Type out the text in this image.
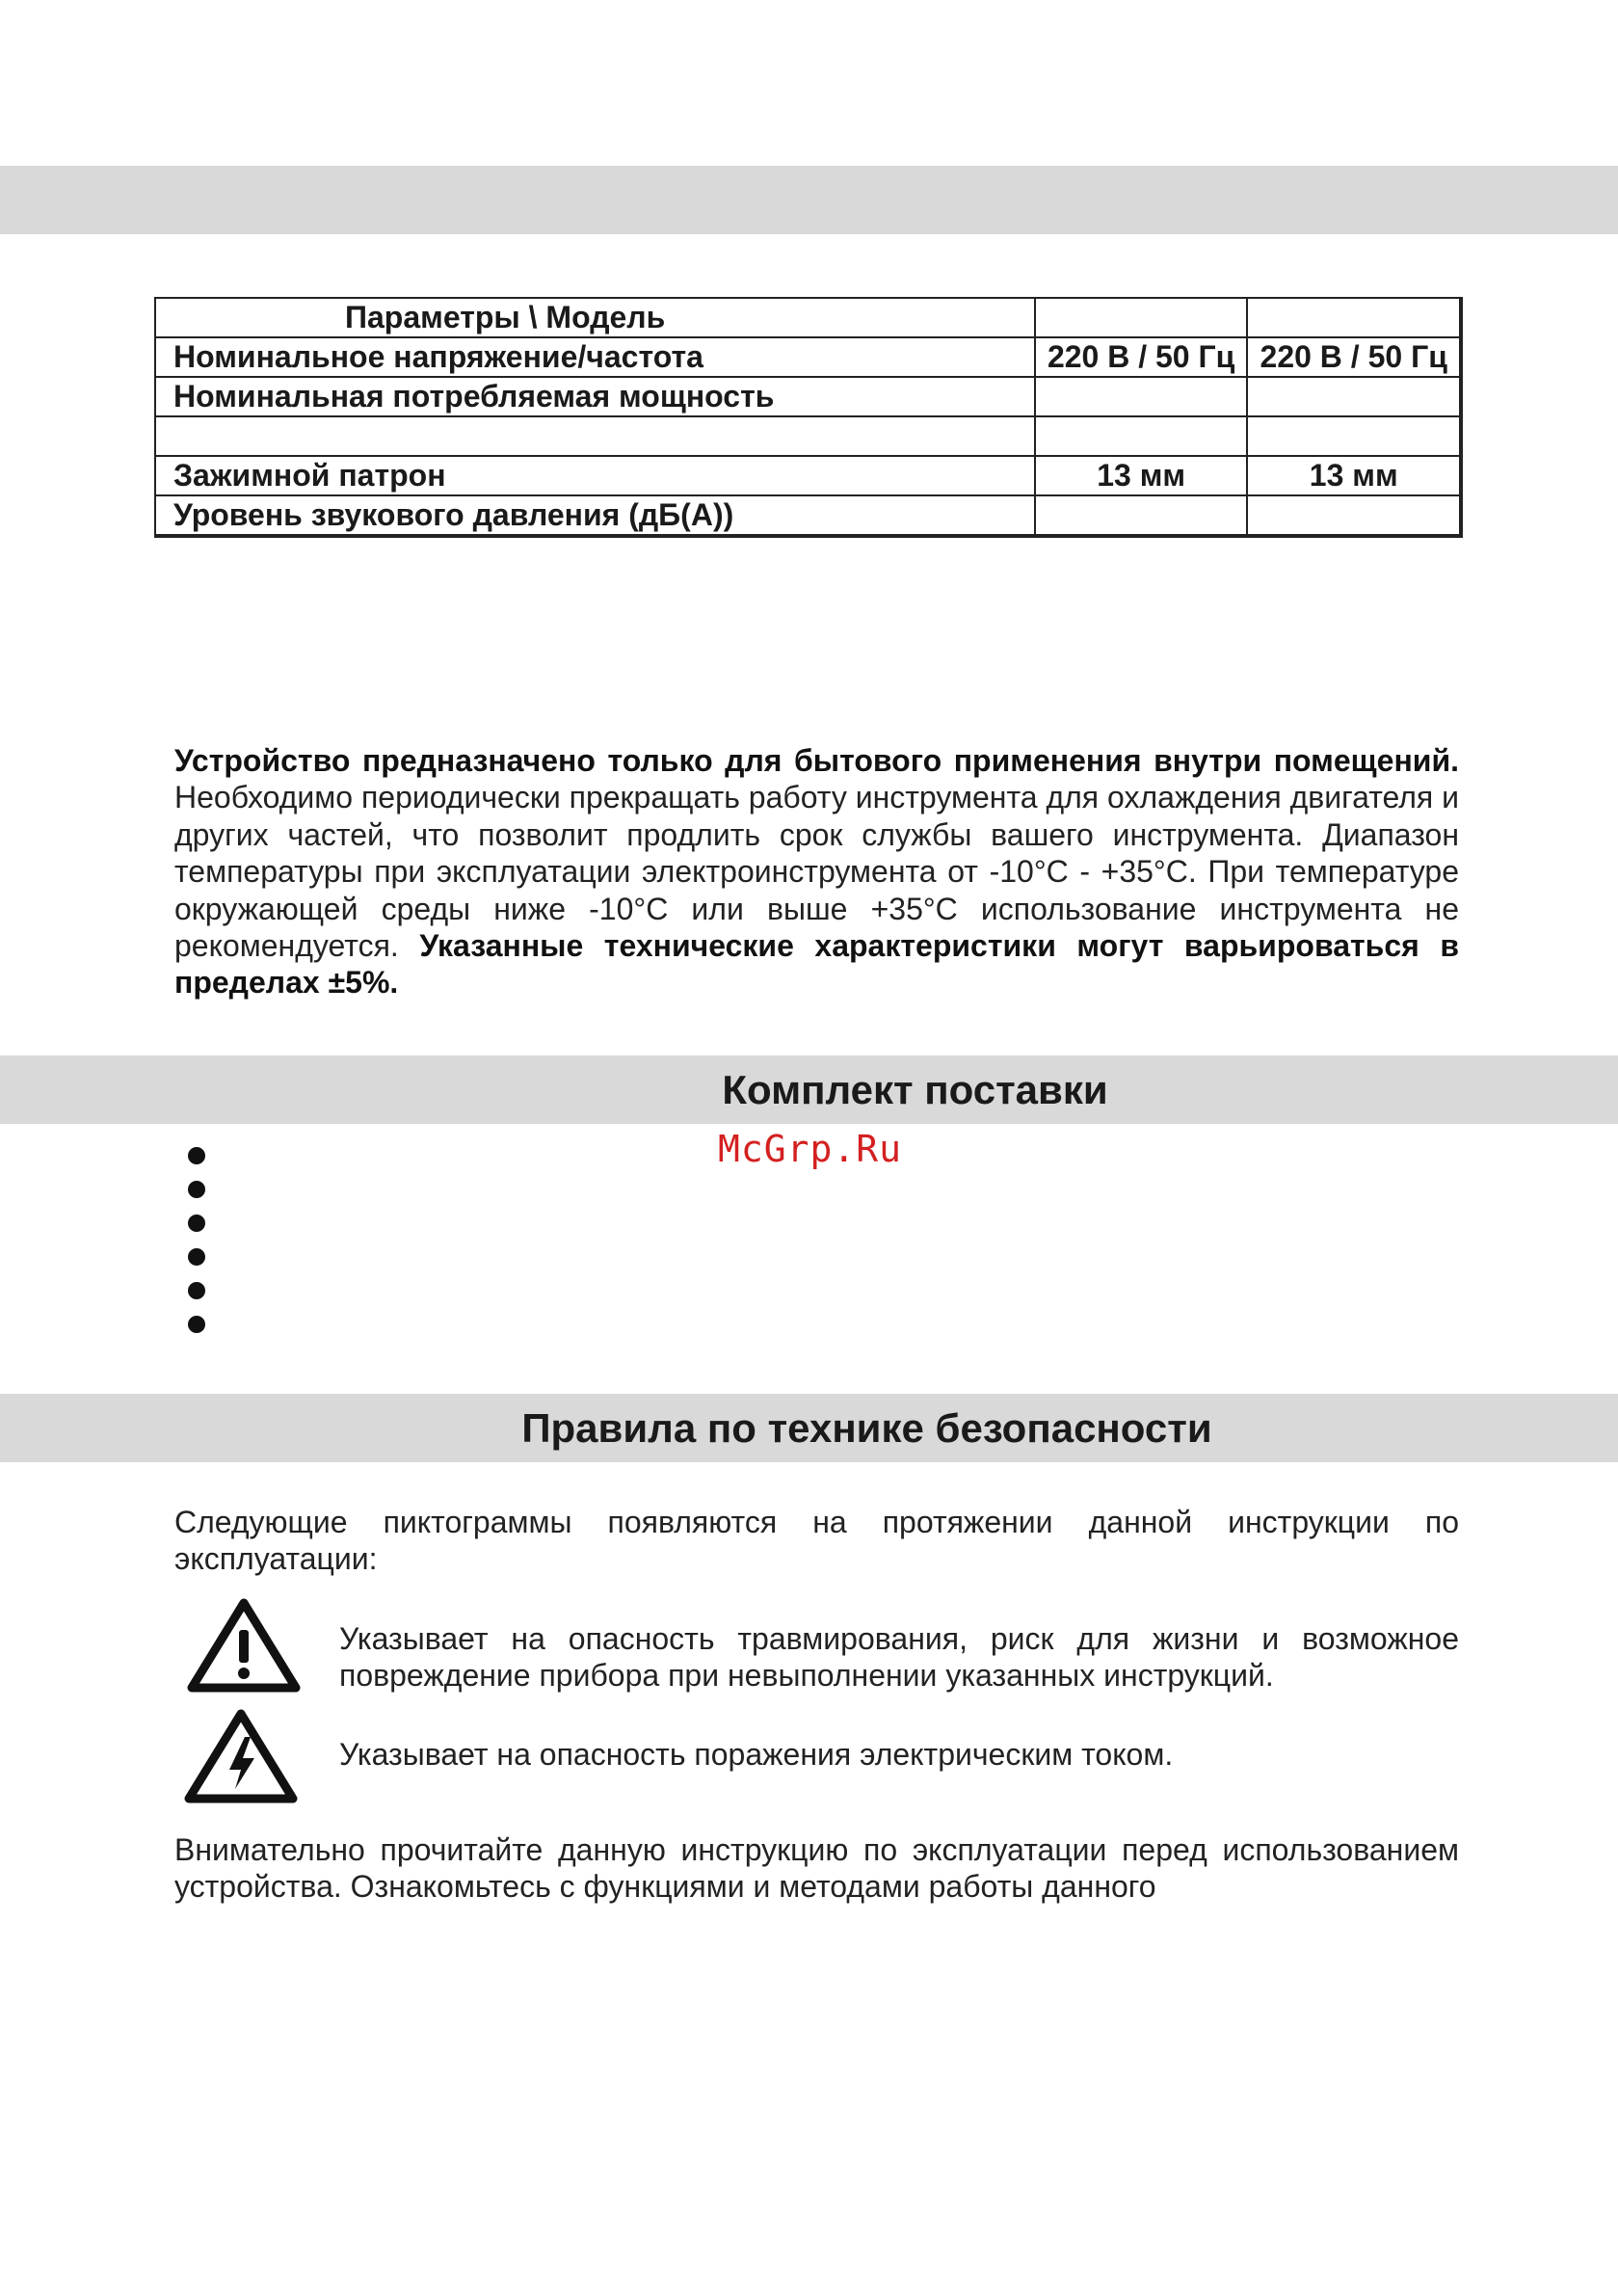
Параметры \ Модель		
Номинальное напряжение/частота	220 В / 50 Гц	220 В / 50 Гц
Номинальная потребляемая мощность		

Зажимной патрон	13 мм	13 мм
Уровень звукового давления (дБ(А))		
Устройство предназначено только для бытового применения внутри помещений. Необходимо периодически прекращать работу инструмента для охлаждения двигателя и других частей, что позволит продлить срок службы вашего инструмента. Диапазон температуры при эксплуатации электроинструмента от -10°С - +35°С. При температуре окружающей среды ниже -10°С или выше +35°С использование инструмента не рекомендуется. Указанные технические характеристики могут варьироваться в пределах ±5%.
Комплект поставки
McGrp.Ru
Правила по технике безопасности
Следующие пиктограммы появляются на протяжении данной инструкции по эксплуатации:
Указывает на опасность травмирования, риск для жизни и возможное повреждение прибора при невыполнении указанных инструкций.
Указывает на опасность поражения электрическим током.
Внимательно прочитайте данную инструкцию по эксплуатации перед использованием устройства. Ознакомьтесь с функциями и методами работы данного
